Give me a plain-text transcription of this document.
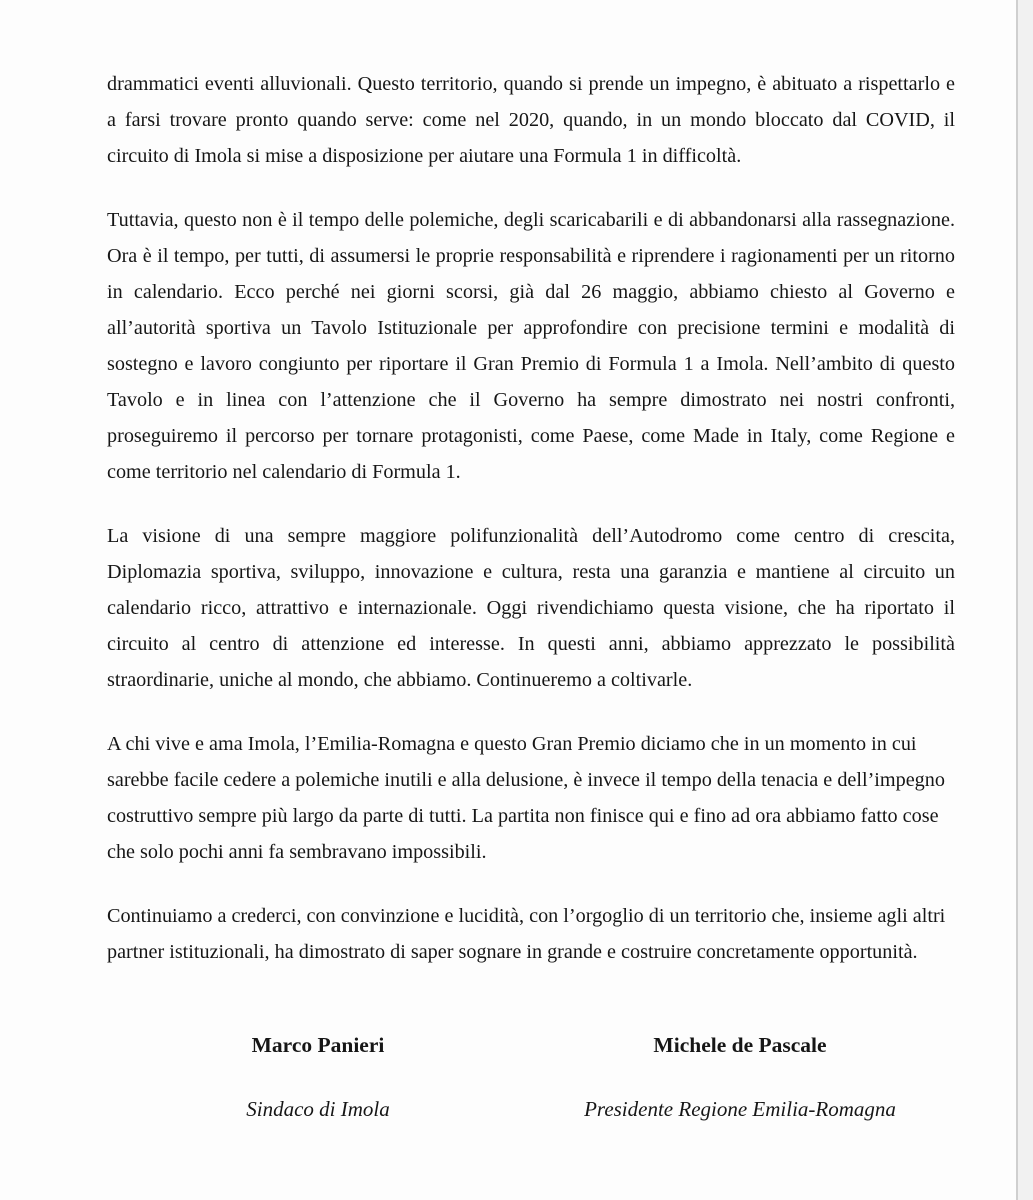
drammatici eventi alluvionali. Questo territorio, quando si prende un impegno, è abituato a rispettarlo e a farsi trovare pronto quando serve: come nel 2020, quando, in un mondo bloccato dal COVID, il circuito di Imola si mise a disposizione per aiutare una Formula 1 in difficoltà.

Tuttavia, questo non è il tempo delle polemiche, degli scaricabarili e di abbandonarsi alla rassegnazione. Ora è il tempo, per tutti, di assumersi le proprie responsabilità e riprendere i ragionamenti per un ritorno in calendario. Ecco perché nei giorni scorsi, già dal 26 maggio, abbiamo chiesto al Governo e all’autorità sportiva un Tavolo Istituzionale per approfondire con precisione termini e modalità di sostegno e lavoro congiunto per riportare il Gran Premio di Formula 1 a Imola. Nell’ambito di questo Tavolo e in linea con l’attenzione che il Governo ha sempre dimostrato nei nostri confronti, proseguiremo il percorso per tornare protagonisti, come Paese, come Made in Italy, come Regione e come territorio nel calendario di Formula 1.

La visione di una sempre maggiore polifunzionalità dell’Autodromo come centro di crescita, Diplomazia sportiva, sviluppo, innovazione e cultura, resta una garanzia e mantiene al circuito un calendario ricco, attrattivo e internazionale. Oggi rivendichiamo questa visione, che ha riportato il circuito al centro di attenzione ed interesse. In questi anni, abbiamo apprezzato le possibilità straordinarie, uniche al mondo, che abbiamo. Continueremo a coltivarle.

A chi vive e ama Imola, l’Emilia-Romagna e questo Gran Premio diciamo che in un momento in cui sarebbe facile cedere a polemiche inutili e alla delusione, è invece il tempo della tenacia e dell’impegno costruttivo sempre più largo da parte di tutti. La partita non finisce qui e fino ad ora abbiamo fatto cose che solo pochi anni fa sembravano impossibili.

Continuiamo a crederci, con convinzione e lucidità, con l’orgoglio di un territorio che, insieme agli altri partner istituzionali, ha dimostrato di saper sognare in grande e costruire concretamente opportunità.

Marco Panieri
Sindaco di Imola
Michele de Pascale
Presidente Regione Emilia-Romagna
